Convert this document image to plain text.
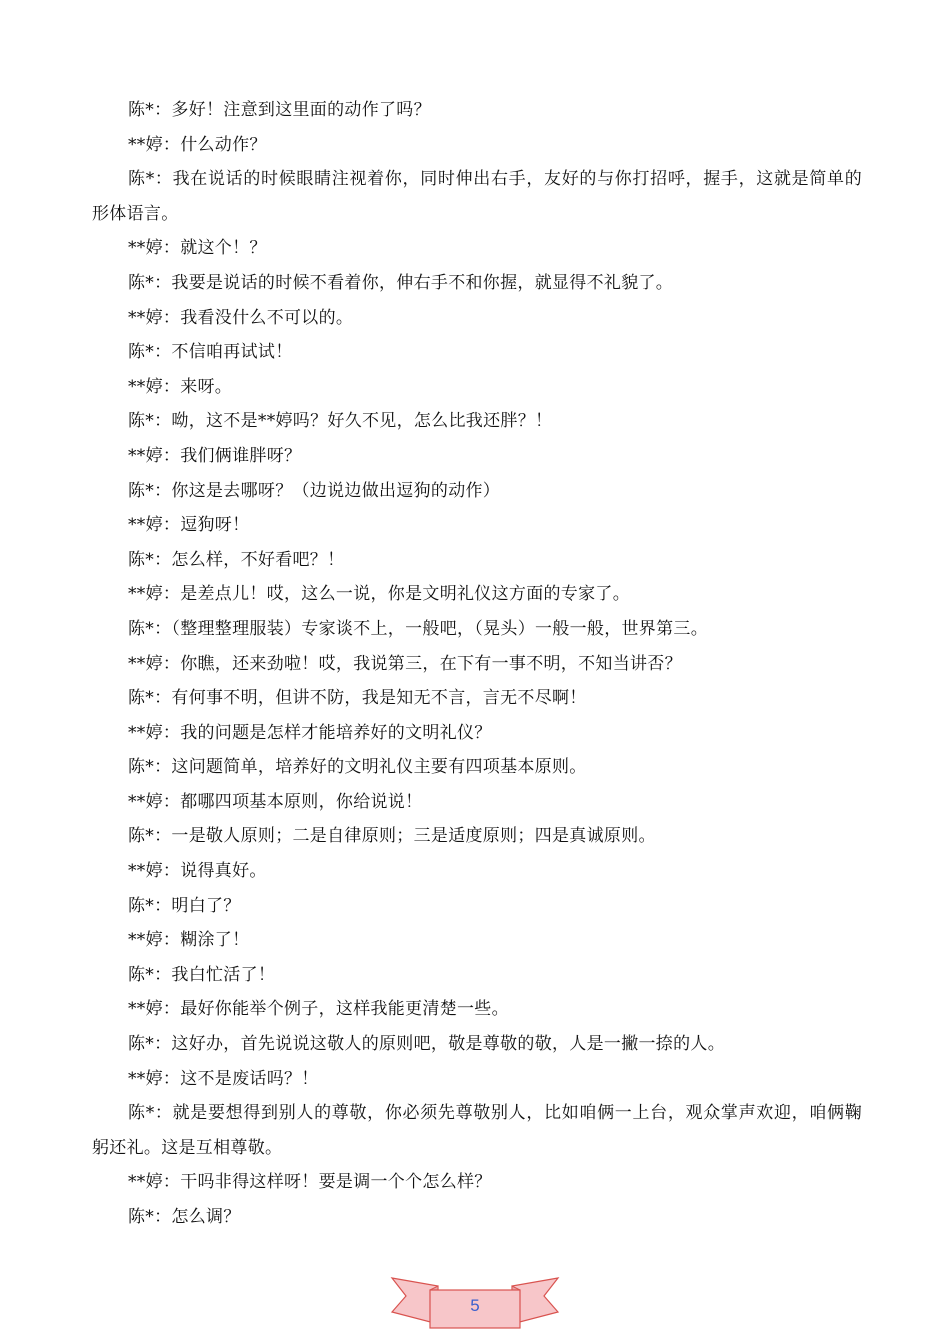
陈*：多好！注意到这里面的动作了吗？

**婷：什么动作？

陈*：我在说话的时候眼睛注视着你，同时伸出右手，友好的与你打招呼，握手，这就是简单的形体语言。

**婷：就这个！？

陈*：我要是说话的时候不看着你，伸右手不和你握，就显得不礼貌了。

**婷：我看没什么不可以的。

陈*：不信咱再试试！

**婷：来呀。

陈*：呦，这不是**婷吗？好久不见，怎么比我还胖？！

**婷：我们俩谁胖呀？

陈*：你这是去哪呀？（边说边做出逗狗的动作）

**婷：逗狗呀！

陈*：怎么样，不好看吧？！

**婷：是差点儿！哎，这么一说，你是文明礼仪这方面的专家了。

陈*：（整理整理服装）专家谈不上，一般吧，（晃头）一般一般，世界第三。

**婷：你瞧，还来劲啦！哎，我说第三，在下有一事不明，不知当讲否？

陈*：有何事不明，但讲不防，我是知无不言，言无不尽啊！

**婷：我的问题是怎样才能培养好的文明礼仪？

陈*：这问题简单，培养好的文明礼仪主要有四项基本原则。

**婷：都哪四项基本原则，你给说说！

陈*：一是敬人原则；二是自律原则；三是适度原则；四是真诚原则。

**婷：说得真好。

陈*：明白了？

**婷：糊涂了！

陈*：我白忙活了！

**婷：最好你能举个例子，这样我能更清楚一些。

陈*：这好办，首先说说这敬人的原则吧，敬是尊敬的敬，人是一撇一捺的人。

**婷：这不是废话吗？！

陈*：就是要想得到别人的尊敬，你必须先尊敬别人，比如咱俩一上台，观众掌声欢迎，咱俩鞠躬还礼。这是互相尊敬。

**婷：干吗非得这样呀！要是调一个个怎么样？

陈*：怎么调？

5
